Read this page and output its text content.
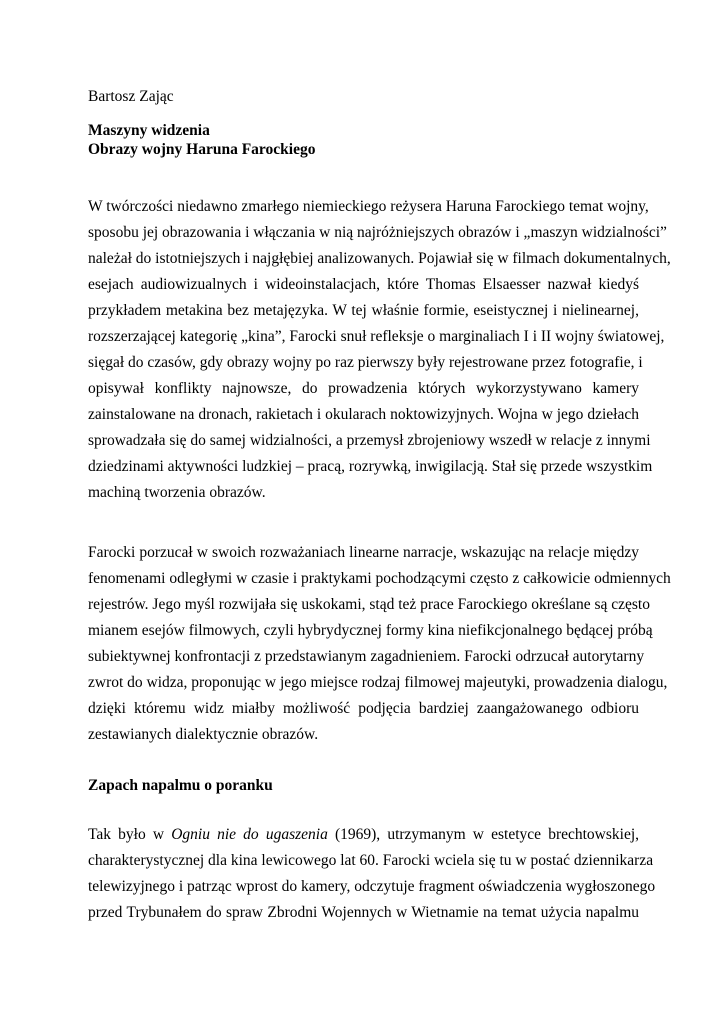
Bartosz Zając
Maszyny widzenia
Obrazy wojny Haruna Farockiego
W twórczości niedawno zmarłego niemieckiego reżysera Haruna Farockiego temat wojny,
sposobu jej obrazowania i włączania w nią najróżniejszych obrazów i „maszyn widzialności”
należał do istotniejszych i najgłębiej analizowanych. Pojawiał się w filmach dokumentalnych,
esejach audiowizualnych i wideoinstalacjach, które Thomas Elsaesser nazwał kiedyś
przykładem metakina bez metajęzyka. W tej właśnie formie, eseistycznej i nielinearnej,
rozszerzającej kategorię „kina”, Farocki snuł refleksje o marginaliach I i II wojny światowej,
sięgał do czasów, gdy obrazy wojny po raz pierwszy były rejestrowane przez fotografie, i
opisywał konflikty najnowsze, do prowadzenia których wykorzystywano kamery
zainstalowane na dronach, rakietach i okularach noktowizyjnych. Wojna w jego dziełach
sprowadzała się do samej widzialności, a przemysł zbrojeniowy wszedł w relacje z innymi
dziedzinami aktywności ludzkiej – pracą, rozrywką, inwigilacją. Stał się przede wszystkim
machiną tworzenia obrazów.
Farocki porzucał w swoich rozważaniach linearne narracje, wskazując na relacje między
fenomenami odległymi w czasie i praktykami pochodzącymi często z całkowicie odmiennych
rejestrów. Jego myśl rozwijała się uskokami, stąd też prace Farockiego określane są często
mianem esejów filmowych, czyli hybrydycznej formy kina niefikcjonalnego będącej próbą
subiektywnej konfrontacji z przedstawianym zagadnieniem. Farocki odrzucał autorytarny
zwrot do widza, proponując w jego miejsce rodzaj filmowej majeutyki, prowadzenia dialogu,
dzięki któremu widz miałby możliwość podjęcia bardziej zaangażowanego odbioru
zestawianych dialektycznie obrazów.
Zapach napalmu o poranku
Tak było w Ogniu nie do ugaszenia (1969), utrzymanym w estetyce brechtowskiej,
charakterystycznej dla kina lewicowego lat 60. Farocki wciela się tu w postać dziennikarza
telewizyjnego i patrząc wprost do kamery, odczytuje fragment oświadczenia wygłoszonego
przed Trybunałem do spraw Zbrodni Wojennych w Wietnamie na temat użycia napalmu
